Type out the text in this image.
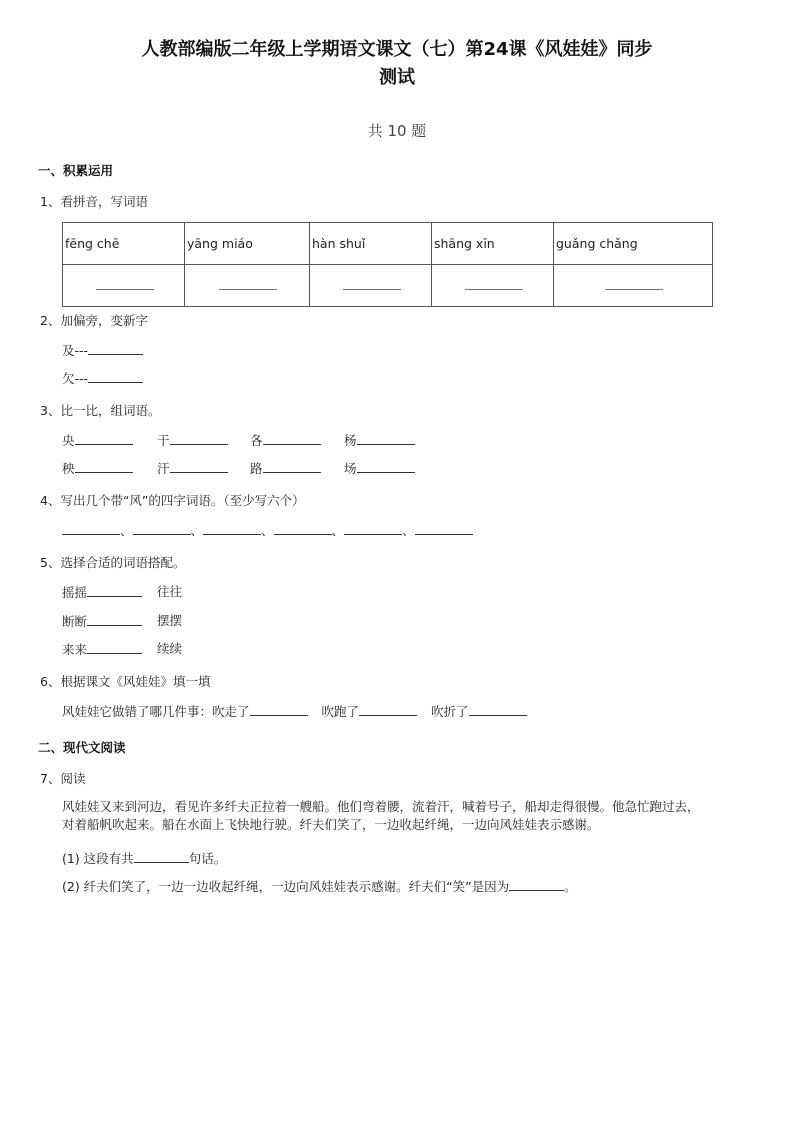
人教部编版二年级上学期语文课文（七）第24课《风娃娃》同步
测试
共 10 题
一、积累运用
1、看拼音，写词语
fēng chē	yāng miáo	hàn shuǐ	shāng xīn	guǎng chǎng

2、加偏旁，变新字
及---
欠---
3、比一比，组词语。
央	干	各	杨
秧	汗	路	场
4、写出几个带“风”的四字词语。（至少写六个）
、	、	、	、	、
5、选择合适的词语搭配。
摇摇	往往
断断	摆摆
来来	续续
6、根据课文《风娃娃》填一填
风娃娃它做错了哪几件事：吹走了	吹跑了	吹折了
二、现代文阅读
7、阅读
风娃娃又来到河边，看见许多纤夫正拉着一艘船。他们弯着腰，流着汗，喊着号子，船却走得很慢。他急忙跑过去，
对着船帆吹起来。船在水面上飞快地行驶。纤夫们笑了，一边收起纤绳，一边向风娃娃表示感谢。
(1) 这段有共	句话。
(2) 纤夫们笑了，一边一边收起纤绳，一边向风娃娃表示感谢。纤夫们“笑”是因为	。
